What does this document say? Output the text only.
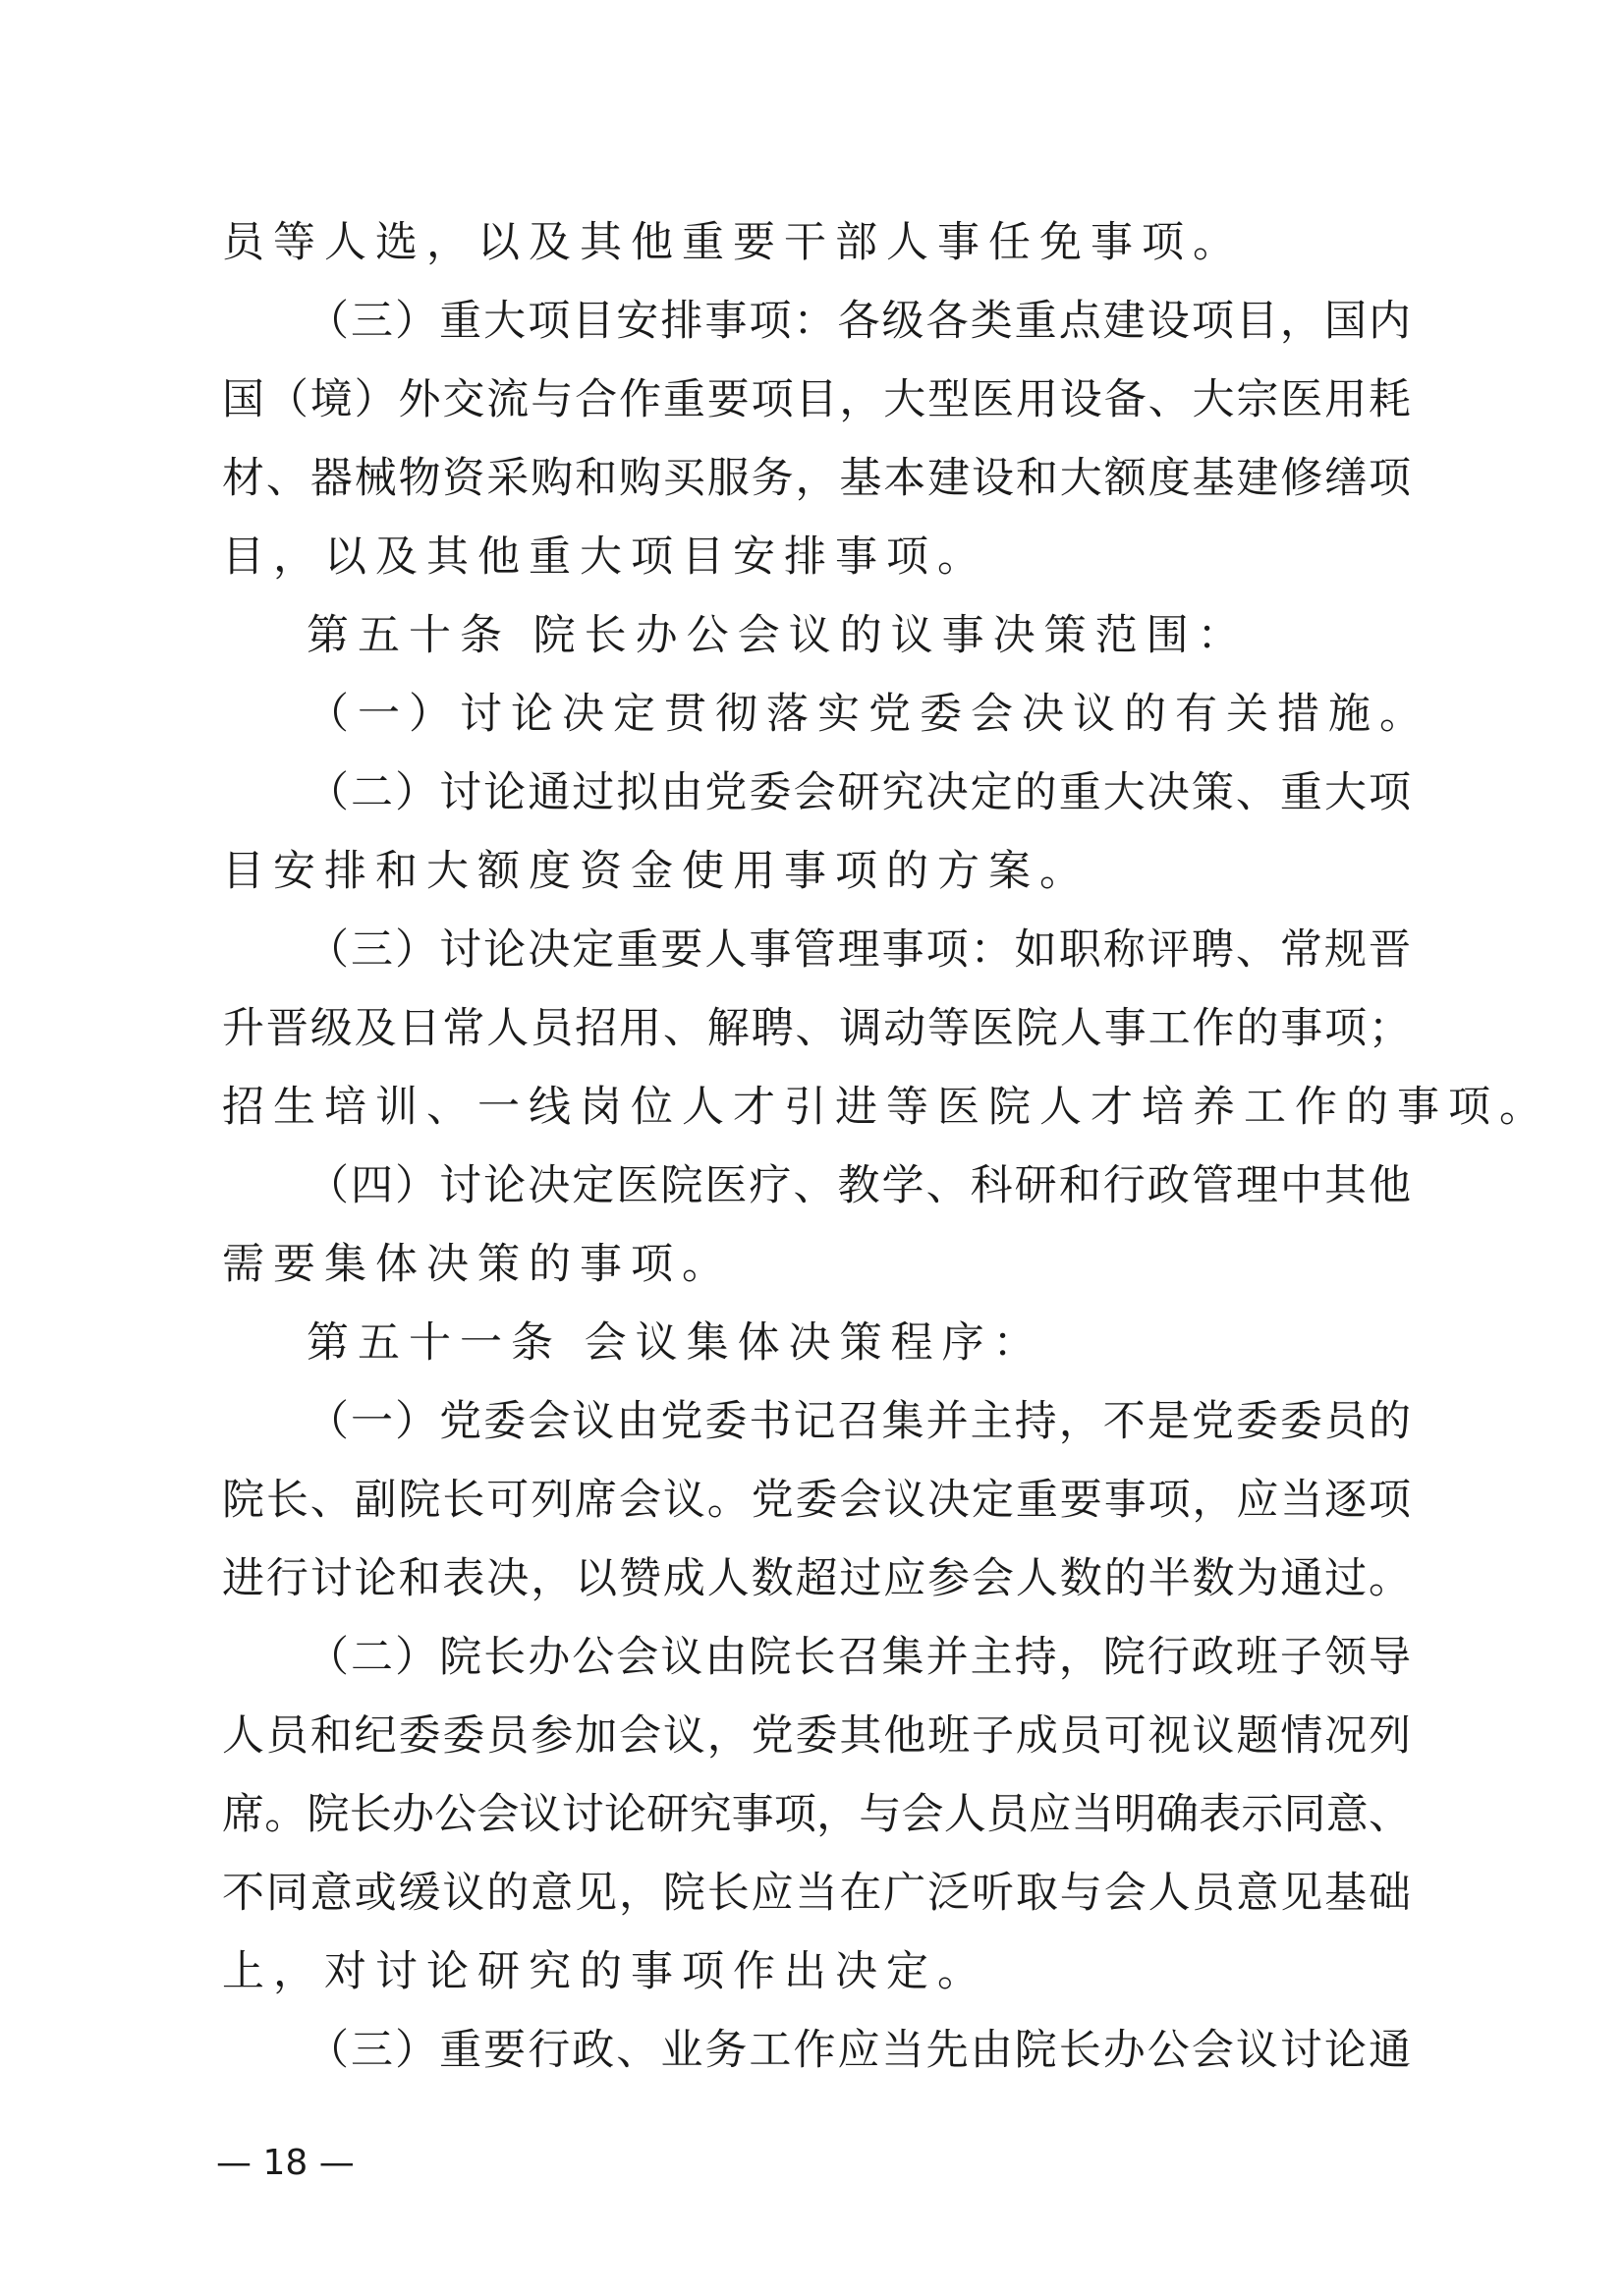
员等人选，以及其他重要干部人事任免事项。
（三）重大项目安排事项：各级各类重点建设项目，国内
国（境）外交流与合作重要项目，大型医用设备、大宗医用耗
材、器械物资采购和购买服务，基本建设和大额度基建修缮项
目，以及其他重大项目安排事项。
第五十条 院长办公会议的议事决策范围：
（一）讨论决定贯彻落实党委会决议的有关措施。
（二）讨论通过拟由党委会研究决定的重大决策、重大项
目安排和大额度资金使用事项的方案。
（三）讨论决定重要人事管理事项：如职称评聘、常规晋
升晋级及日常人员招用、解聘、调动等医院人事工作的事项；
招生培训、一线岗位人才引进等医院人才培养工作的事项。
（四）讨论决定医院医疗、教学、科研和行政管理中其他
需要集体决策的事项。
第五十一条 会议集体决策程序：
（一）党委会议由党委书记召集并主持，不是党委委员的
院长、副院长可列席会议。党委会议决定重要事项，应当逐项
进行讨论和表决，以赞成人数超过应参会人数的半数为通过。
（二）院长办公会议由院长召集并主持，院行政班子领导
人员和纪委委员参加会议，党委其他班子成员可视议题情况列
席。院长办公会议讨论研究事项，与会人员应当明确表示同意、
不同意或缓议的意见，院长应当在广泛听取与会人员意见基础
上，对讨论研究的事项作出决定。
（三）重要行政、业务工作应当先由院长办公会议讨论通
— 18 —
